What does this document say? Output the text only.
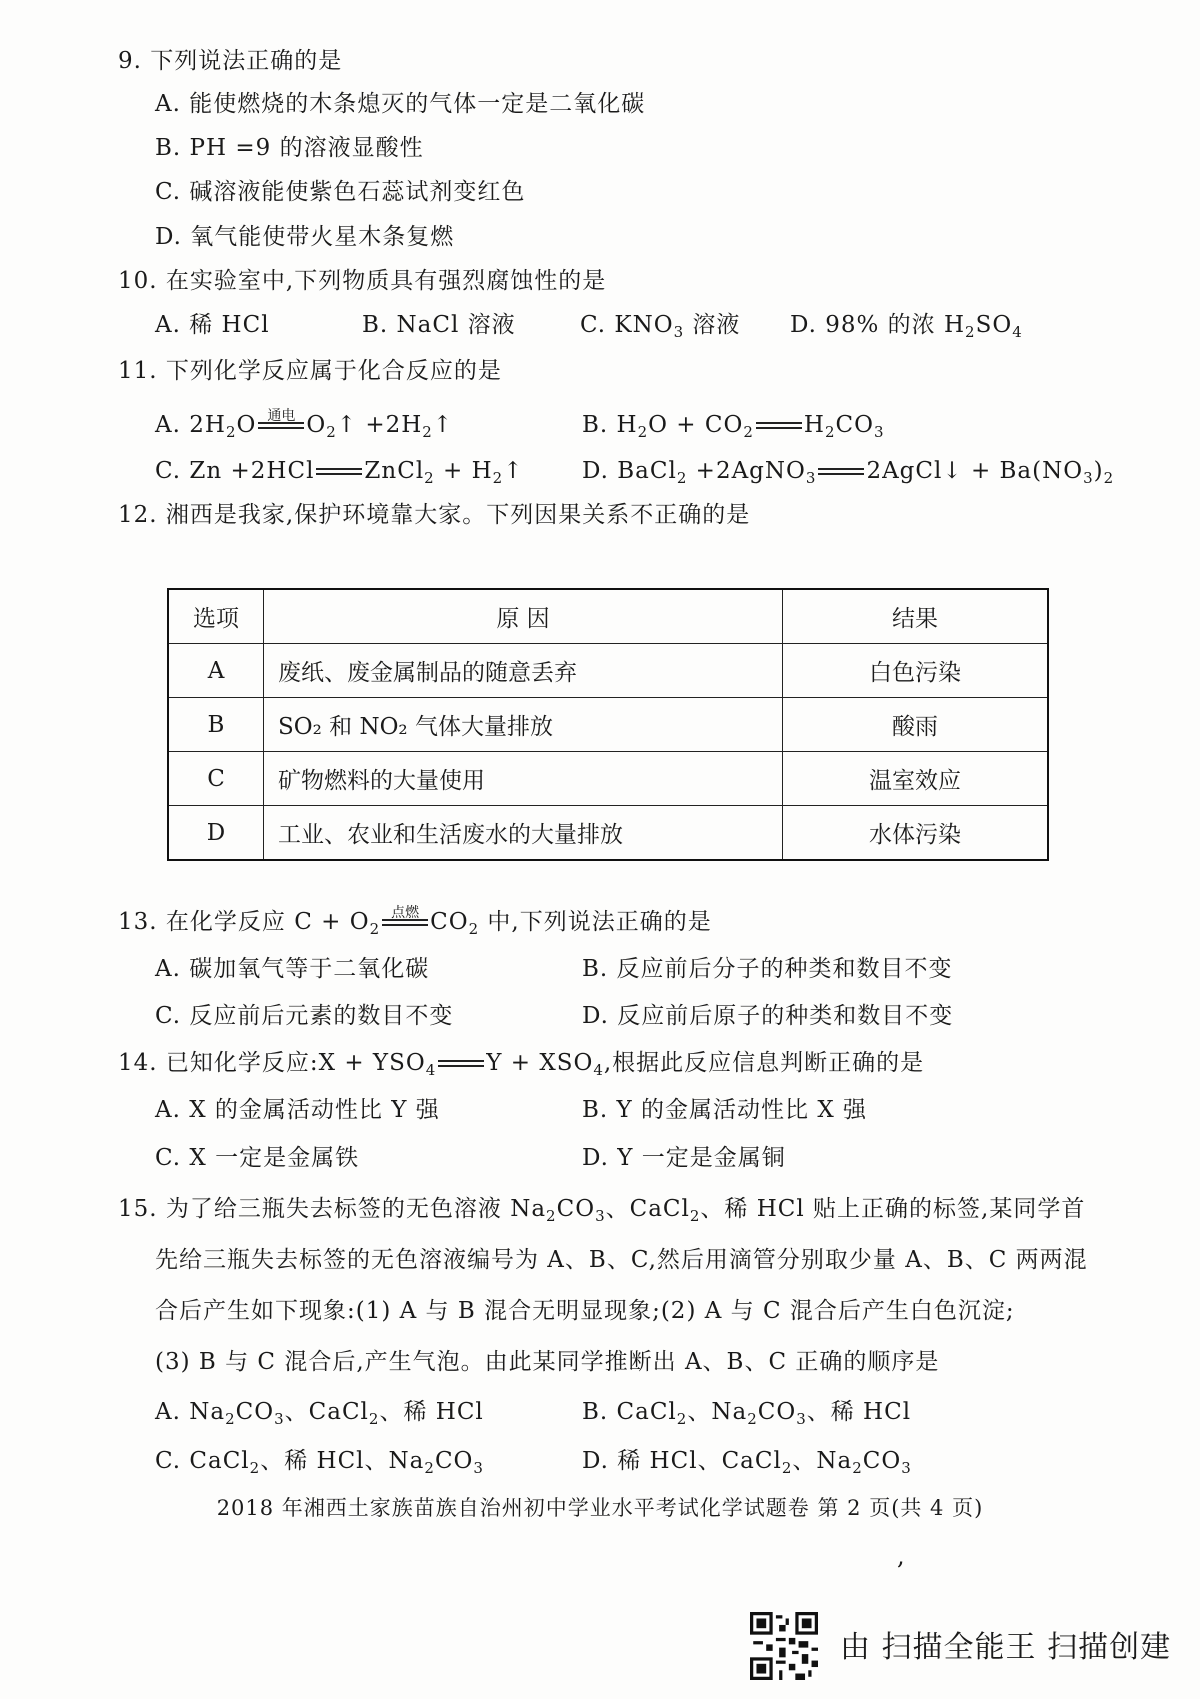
9. 下列说法正确的是
A. 能使燃烧的木条熄灭的气体一定是二氧化碳
B. PH =9 的溶液显酸性
C. 碱溶液能使紫色石蕊试剂变红色
D. 氧气能使带火星木条复燃
10. 在实验室中,下列物质具有强烈腐蚀性的是
A. 稀 HCl	B. NaCl 溶液	C. $KNO_3$ 溶液 D. 98% 的浓 $H_2SO_4$
11. 下列化学反应属于化合反应的是
A. $2H_2O$ 通电 $O_2↑$ $+2H_2↑$	B. $H_2O + CO_2$ $H_2CO_3$
C. Zn +2HCl ZnCl$_2$ + $H_2↑$	D. BaCl$_2$ +2AgNO$_3$ 2AgCl↓ + $Ba(NO_3)_2$
12. 湘西是我家,保护环境靠大家。下列因果关系不正确的是
选项	原 因	结果
A	废纸、废金属制品的随意丢弃	白色污染
B	SO₂ 和 NO₂ 气体大量排放	酸雨
C	矿物燃料的大量使用	温室效应
D	工业、农业和生活废水的大量排放	水体污染
13. 在化学反应 $C + O_2$
点燃 $CO_2$ 中,下列说法正确的是
A. 碳加氧气等于二氧化碳	B. 反应前后分子的种类和数目不变
C. 反应前后元素的数目不变	D. 反应前后原子的种类和数目不变
14. 已知化学反应:X + $YSO_4$ $Y + XSO_4$,根据此反应信息判断正确的是
A. X 的金属活动性比 Y 强	B. Y 的金属活动性比 X 强
C. X 一定是金属铁	D. Y 一定是金属铜
15. 为了给三瓶失去标签的无色溶液 $Na_2CO_3$、CaCl$_2$、稀 HCl 贴上正确的标签,某同学首
先给三瓶失去标签的无色溶液编号为 A、B、C,然后用滴管分别取少量 A、B、C 两两混
合后产生如下现象:(1) A 与 B 混合无明显现象;(2) A 与 C 混合后产生白色沉淀;
(3) B 与 C 混合后,产生气泡。由此某同学推断出 A、B、C 正确的顺序是
A. $Na_2CO_3$、CaCl$_2$、稀 HCl	B. CaCl$_2$、$Na_2CO_3$、稀 HCl
C. CaCl$_2$、稀 HCl、$Na_2CO_3$	D. 稀 HCl、CaCl$_2$、$Na_2CO_3$
2018 年湘西土家族苗族自治州初中学业水平考试化学试题卷 第 2 页(共 4 页)
,
由 扫描全能王 扫描创建
